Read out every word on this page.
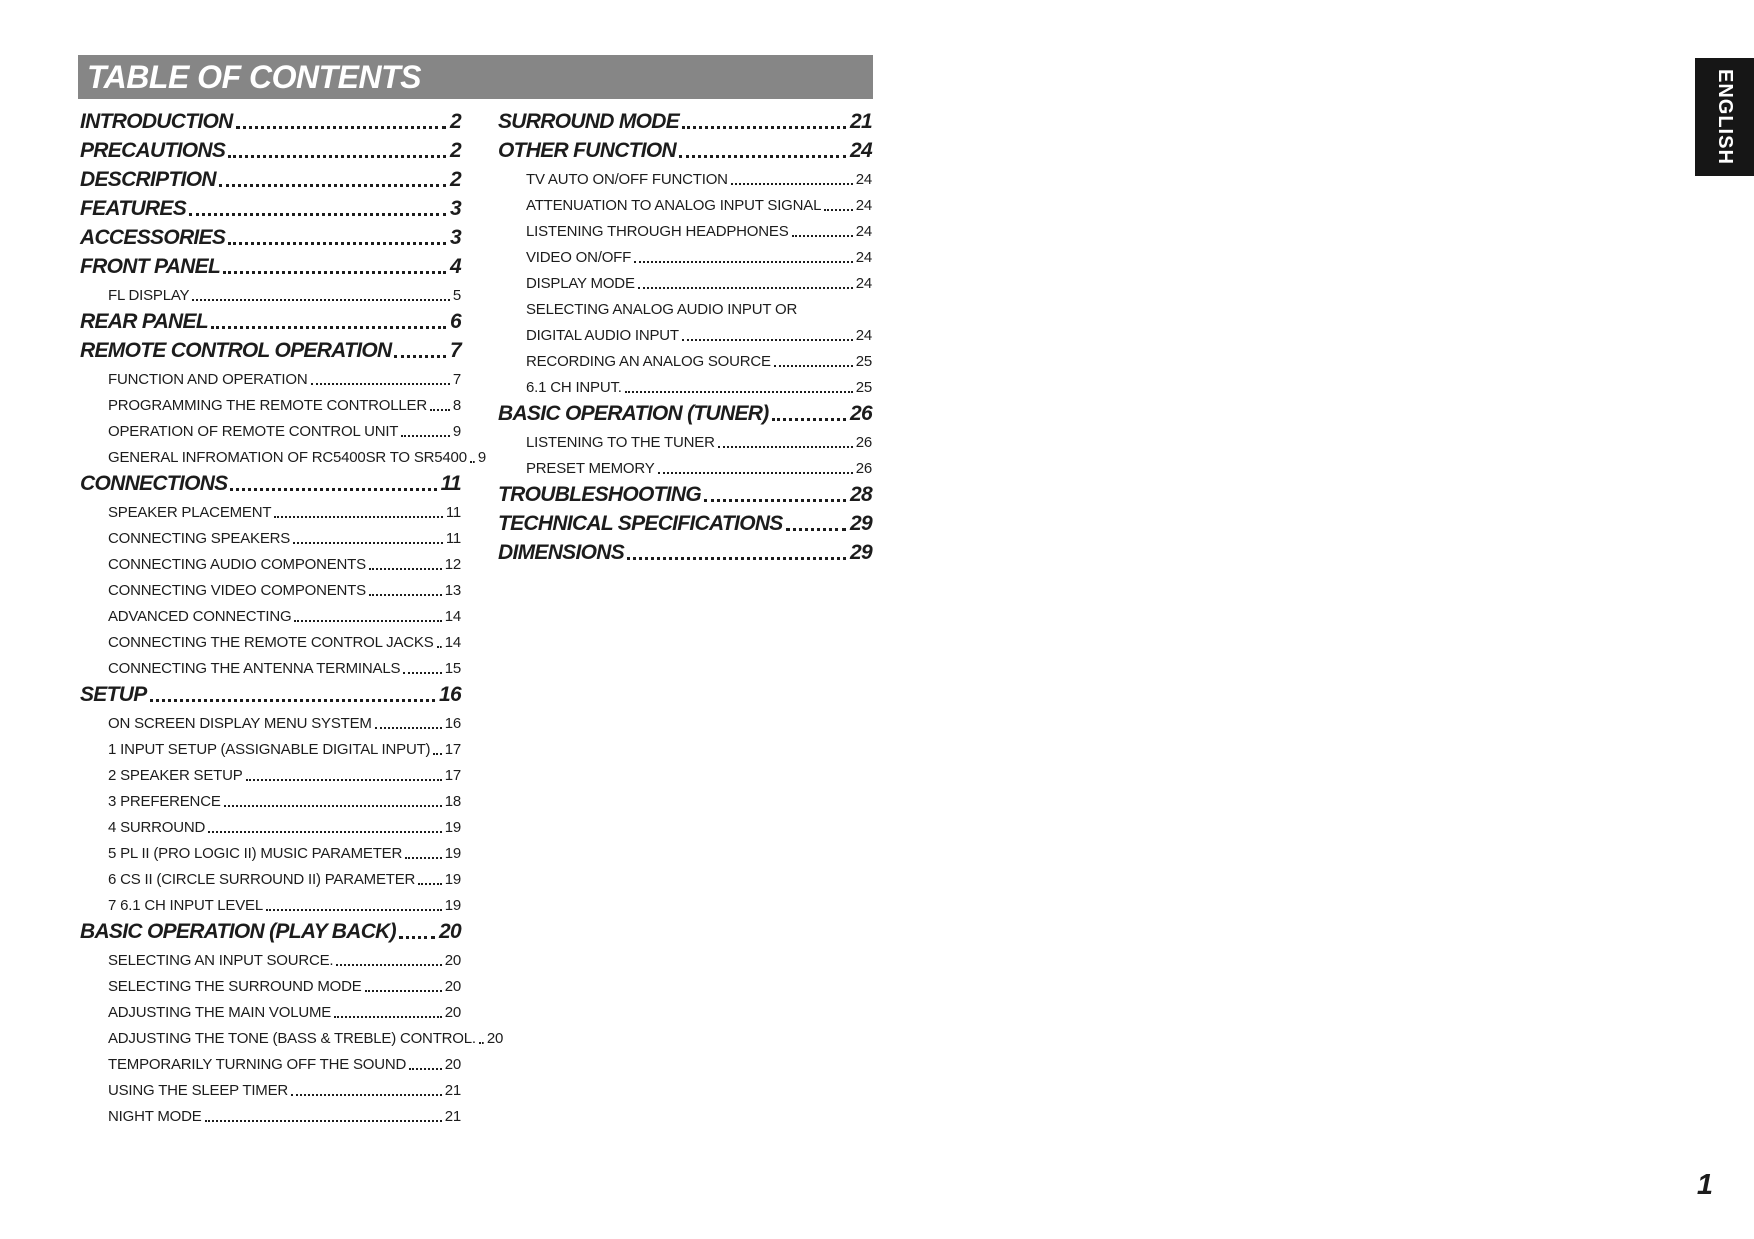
TABLE OF CONTENTS
INTRODUCTION	2
PRECAUTIONS	2
DESCRIPTION	2
FEATURES	3
ACCESSORIES	3
FRONT PANEL	4
FL DISPLAY	5
REAR PANEL	6
REMOTE CONTROL OPERATION	7
FUNCTION AND OPERATION	7
PROGRAMMING THE REMOTE CONTROLLER 8
OPERATION OF REMOTE CONTROL UNIT	9
GENERAL INFROMATION OF RC5400SR TO SR5400 9
CONNECTIONS	11
SPEAKER PLACEMENT	11
CONNECTING SPEAKERS	11
CONNECTING AUDIO COMPONENTS	12
CONNECTING VIDEO COMPONENTS	13
ADVANCED CONNECTING	14
CONNECTING THE REMOTE CONTROL JACKS 14
CONNECTING THE ANTENNA TERMINALS	15
SETUP	16
ON SCREEN DISPLAY MENU SYSTEM	16
1 INPUT SETUP (ASSIGNABLE DIGITAL INPUT) 17
2 SPEAKER SETUP	17
3 PREFERENCE	18
4 SURROUND	19
5 PL II (PRO LOGIC II) MUSIC PARAMETER	19
6 CS II (CIRCLE SURROUND II) PARAMETER 19
7 6.1 CH INPUT LEVEL	19
BASIC OPERATION (PLAY BACK) 20
SELECTING AN INPUT SOURCE.	20
SELECTING THE SURROUND MODE	20
ADJUSTING THE MAIN VOLUME	20
ADJUSTING THE TONE (BASS & TREBLE) CONTROL. 20
TEMPORARILY TURNING OFF THE SOUND	20
USING THE SLEEP TIMER	21
NIGHT MODE	21
SURROUND MODE	21
OTHER FUNCTION	24
TV AUTO ON/OFF FUNCTION	24
ATTENUATION TO ANALOG INPUT SIGNAL 24
LISTENING THROUGH HEADPHONES	24
VIDEO ON/OFF	24
DISPLAY MODE	24
SELECTING ANALOG AUDIO INPUT OR
DIGITAL AUDIO INPUT	24
RECORDING AN ANALOG SOURCE	25
6.1 CH INPUT.	25
BASIC OPERATION (TUNER)	26
LISTENING TO THE TUNER	26
PRESET MEMORY	26
TROUBLESHOOTING	28
TECHNICAL SPECIFICATIONS	29
DIMENSIONS	29
ENGLISH
1
